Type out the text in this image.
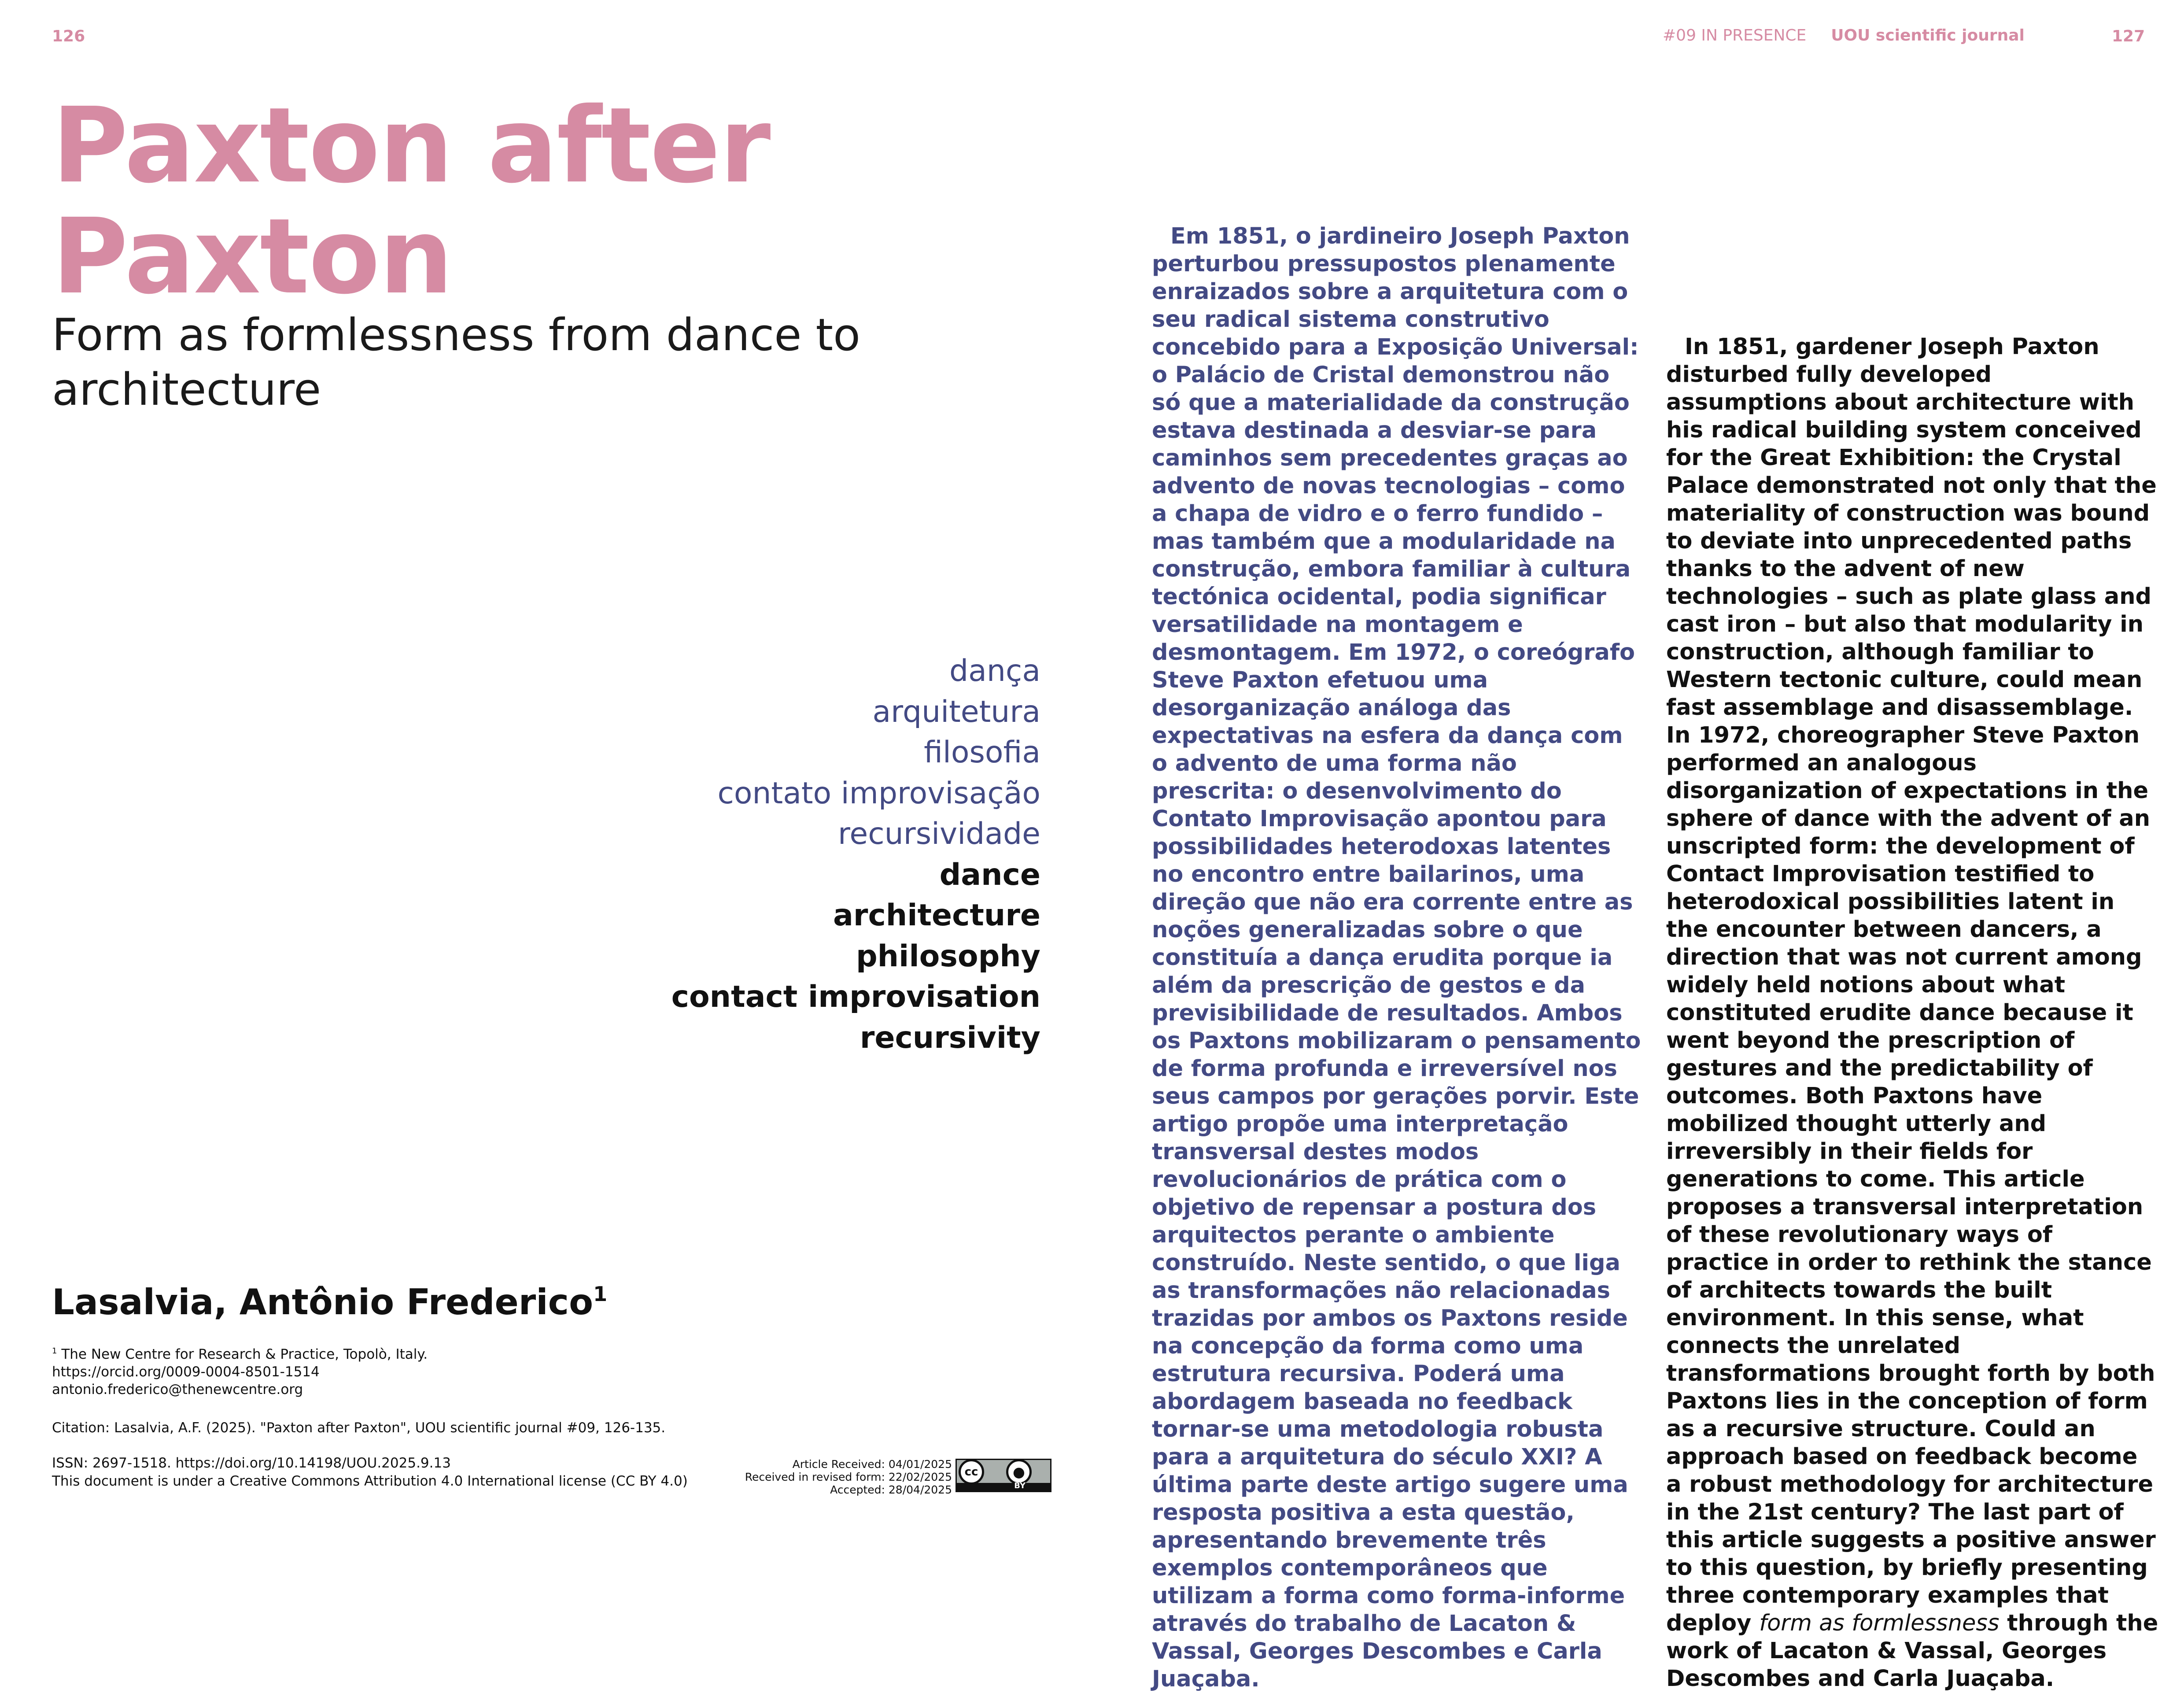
126	#09 IN PRESENCE UOU scientific journal	127
Paxton after
Paxton
Form as formlessness from dance to architecture
dança
arquitetura
filosofia
contato improvisação
recursividade
dance
architecture
philosophy
contact improvisation
recursivity
Lasalvia, Antônio Frederico$^1$
$^1$ The New Centre for Research & Practice, Topolò, Italy.
https://orcid.org/0009-0004-8501-1514
antonio.frederico@thenewcentre.org
Citation: Lasalvia, A.F. (2025). "Paxton after Paxton", UOU scientific journal #09, 126-135.
ISSN: 2697-1518. https://doi.org/10.14198/UOU.2025.9.13
This document is under a Creative Commons Attribution 4.0 International license (CC BY 4.0)
Article Received: 04/01/2025
Received in revised form: 22/02/2025
Accepted: 28/04/2025
cc	●
BY
Em 1851, o jardineiro Joseph Paxton perturbou pressupostos plenamente enraizados sobre a arquitetura com o seu radical sistema construtivo concebido para a Exposição Universal: o Palácio de Cristal demonstrou não só que a materialidade da construção estava destinada a desviar-se para caminhos sem precedentes graças ao advento de novas tecnologias – como a chapa de vidro e o ferro fundido – mas também que a modularidade na construção, embora familiar à cultura tectónica ocidental, podia significar versatilidade na montagem e desmontagem. Em 1972, o coreógrafo Steve Paxton efetuou uma desorganização análoga das expectativas na esfera da dança com o advento de uma forma não prescrita: o desenvolvimento do Contato Improvisação apontou para possibilidades heterodoxas latentes no encontro entre bailarinos, uma direção que não era corrente entre as noções generalizadas sobre o que constituía a dança erudita porque ia além da prescrição de gestos e da previsibilidade de resultados. Ambos os Paxtons mobilizaram o pensamento de forma profunda e irreversível nos seus campos por gerações porvir. Este artigo propõe uma interpretação transversal destes modos revolucionários de prática com o objetivo de repensar a postura dos arquitectos perante o ambiente construído. Neste sentido, o que liga as transformações não relacionadas trazidas por ambos os Paxtons reside na concepção da forma como uma estrutura recursiva. Poderá uma abordagem baseada no feedback tornar-se uma metodologia robusta para a arquitetura do século XXI? A última parte deste artigo sugere uma resposta positiva a esta questão, apresentando brevemente três exemplos contemporâneos que utilizam a forma como forma-informe através do trabalho de Lacaton & Vassal, Georges Descombes e Carla Juaçaba.
In 1851, gardener Joseph Paxton disturbed fully developed assumptions about architecture with his radical building system conceived for the Great Exhibition: the Crystal Palace demonstrated not only that the materiality of construction was bound to deviate into unprecedented paths thanks to the advent of new technologies – such as plate glass and cast iron – but also that modularity in construction, although familiar to Western tectonic culture, could mean fast assemblage and disassemblage. In 1972, choreographer Steve Paxton performed an analogous disorganization of expectations in the sphere of dance with the advent of an unscripted form: the development of Contact Improvisation testified to heterodoxical possibilities latent in the encounter between dancers, a direction that was not current among widely held notions about what constituted erudite dance because it went beyond the prescription of gestures and the predictability of outcomes. Both Paxtons have mobilized thought utterly and irreversibly in their fields for generations to come. This article proposes a transversal interpretation of these revolutionary ways of practice in order to rethink the stance of architects towards the built environment. In this sense, what connects the unrelated transformations brought forth by both Paxtons lies in the conception of form as a recursive structure. Could an approach based on feedback become a robust methodology for architecture in the 21st century? The last part of this article suggests a positive answer to this question, by briefly presenting three contemporary examples that deploy form as formlessness through the work of Lacaton & Vassal, Georges Descombes and Carla Juaçaba.
